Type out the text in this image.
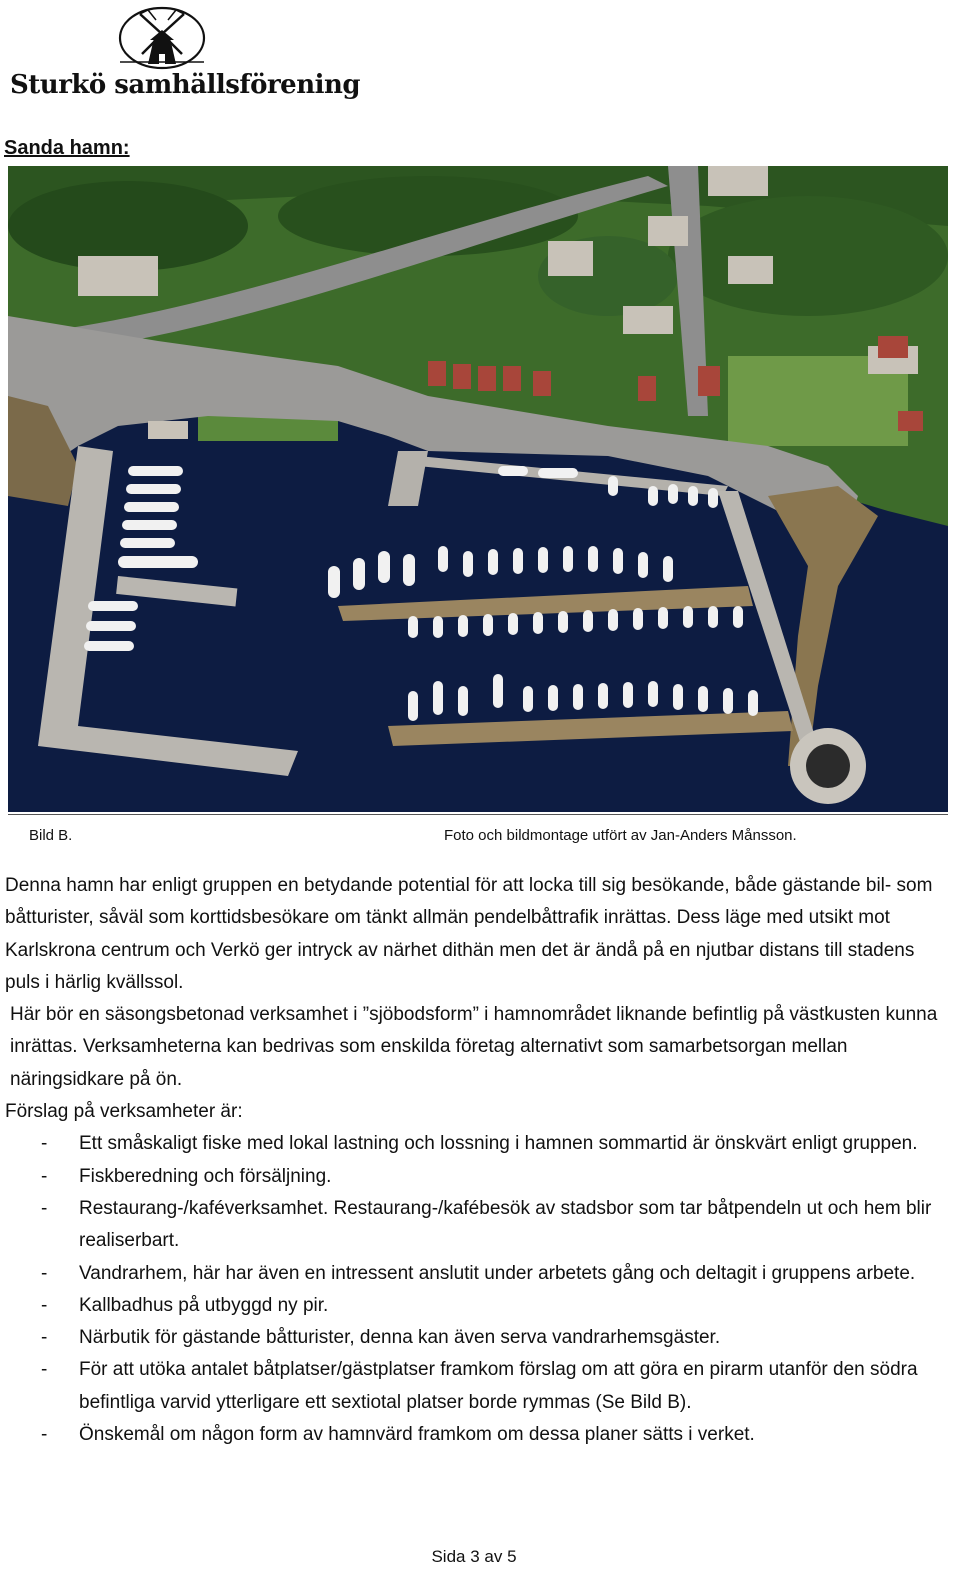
Sturkö samhällsförening
Sanda hamn:
Bild B.	Foto och bildmontage utfört av Jan-Anders Månsson.

Denna hamn har enligt gruppen en betydande potential för att locka till sig besökande, både gästande bil- som båtturister, såväl som korttidsbesökare om tänkt allmän pendelbåttrafik inrättas. Dess läge med utsikt mot Karlskrona centrum och Verkö ger intryck av närhet dithän men det är ändå på en njutbar distans till stadens puls i härlig kvällssol.

Här bör en säsongsbetonad verksamhet i ”sjöbodsform” i hamnområdet liknande befintlig på västkusten kunna inrättas. Verksamheterna kan bedrivas som enskilda företag alternativt som samarbetsorgan mellan näringsidkare på ön.

Förslag på verksamheter är:

- Ett småskaligt fiske med lokal lastning och lossning i hamnen sommartid är önskvärt enligt gruppen.
- Fiskberedning och försäljning.
- Restaurang-/kaféverksamhet. Restaurang-/kafébesök av stadsbor som tar båtpendeln ut och hem blir realiserbart.
- Vandrarhem, här har även en intressent anslutit under arbetets gång och deltagit i gruppens arbete.
- Kallbadhus på utbyggd ny pir.
- Närbutik för gästande båtturister, denna kan även serva vandrarhemsgäster.
- För att utöka antalet båtplatser/gästplatser framkom förslag om att göra en pirarm utanför den södra befintliga varvid ytterligare ett sextiotal platser borde rymmas (Se Bild B).
- Önskemål om någon form av hamnvärd framkom om dessa planer sätts i verket.
Sida 3 av 5
